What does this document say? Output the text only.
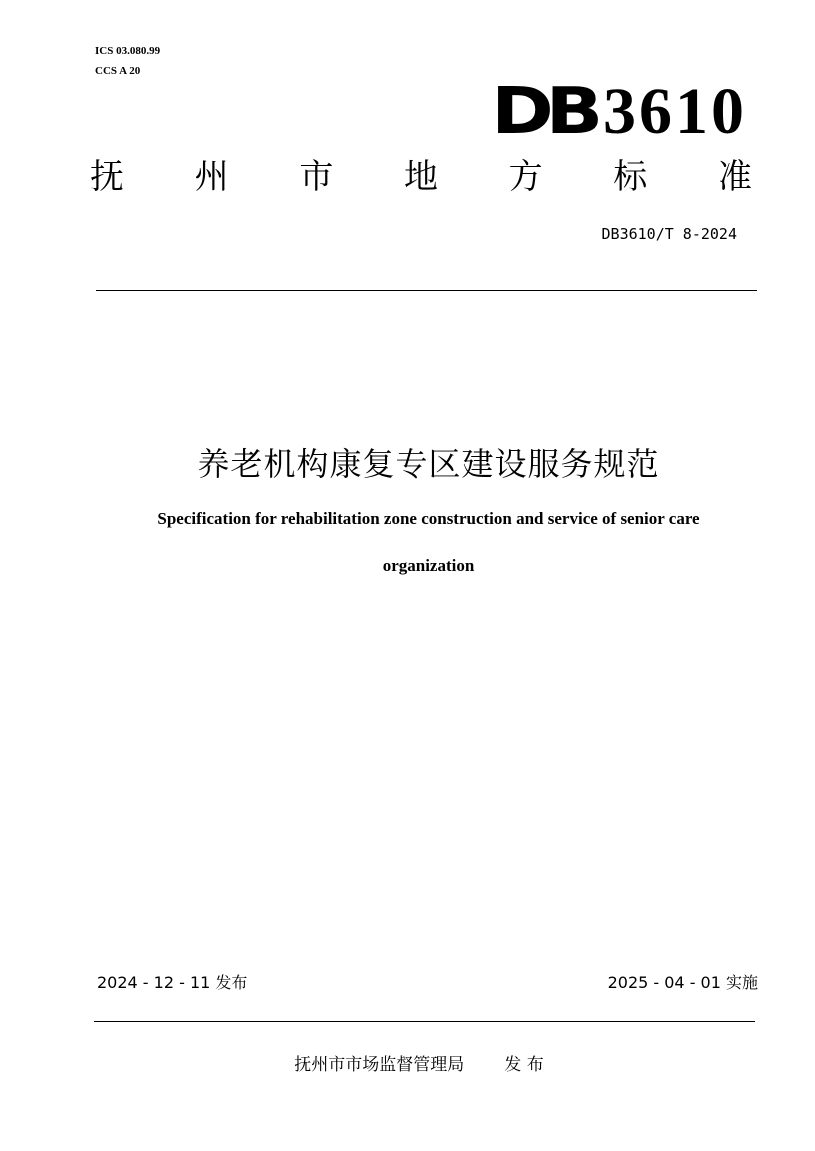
ICS 03.080.99
CCS A 20
DB 3610
抚 州 市 地 方 标 准
DB3610/T 8-2024
养老机构康复专区建设服务规范
Specification for rehabilitation zone construction and service of senior care
organization
2024 - 12 - 11 发布	2025 - 04 - 01 实施
抚州市市场监督管理局 发 布
